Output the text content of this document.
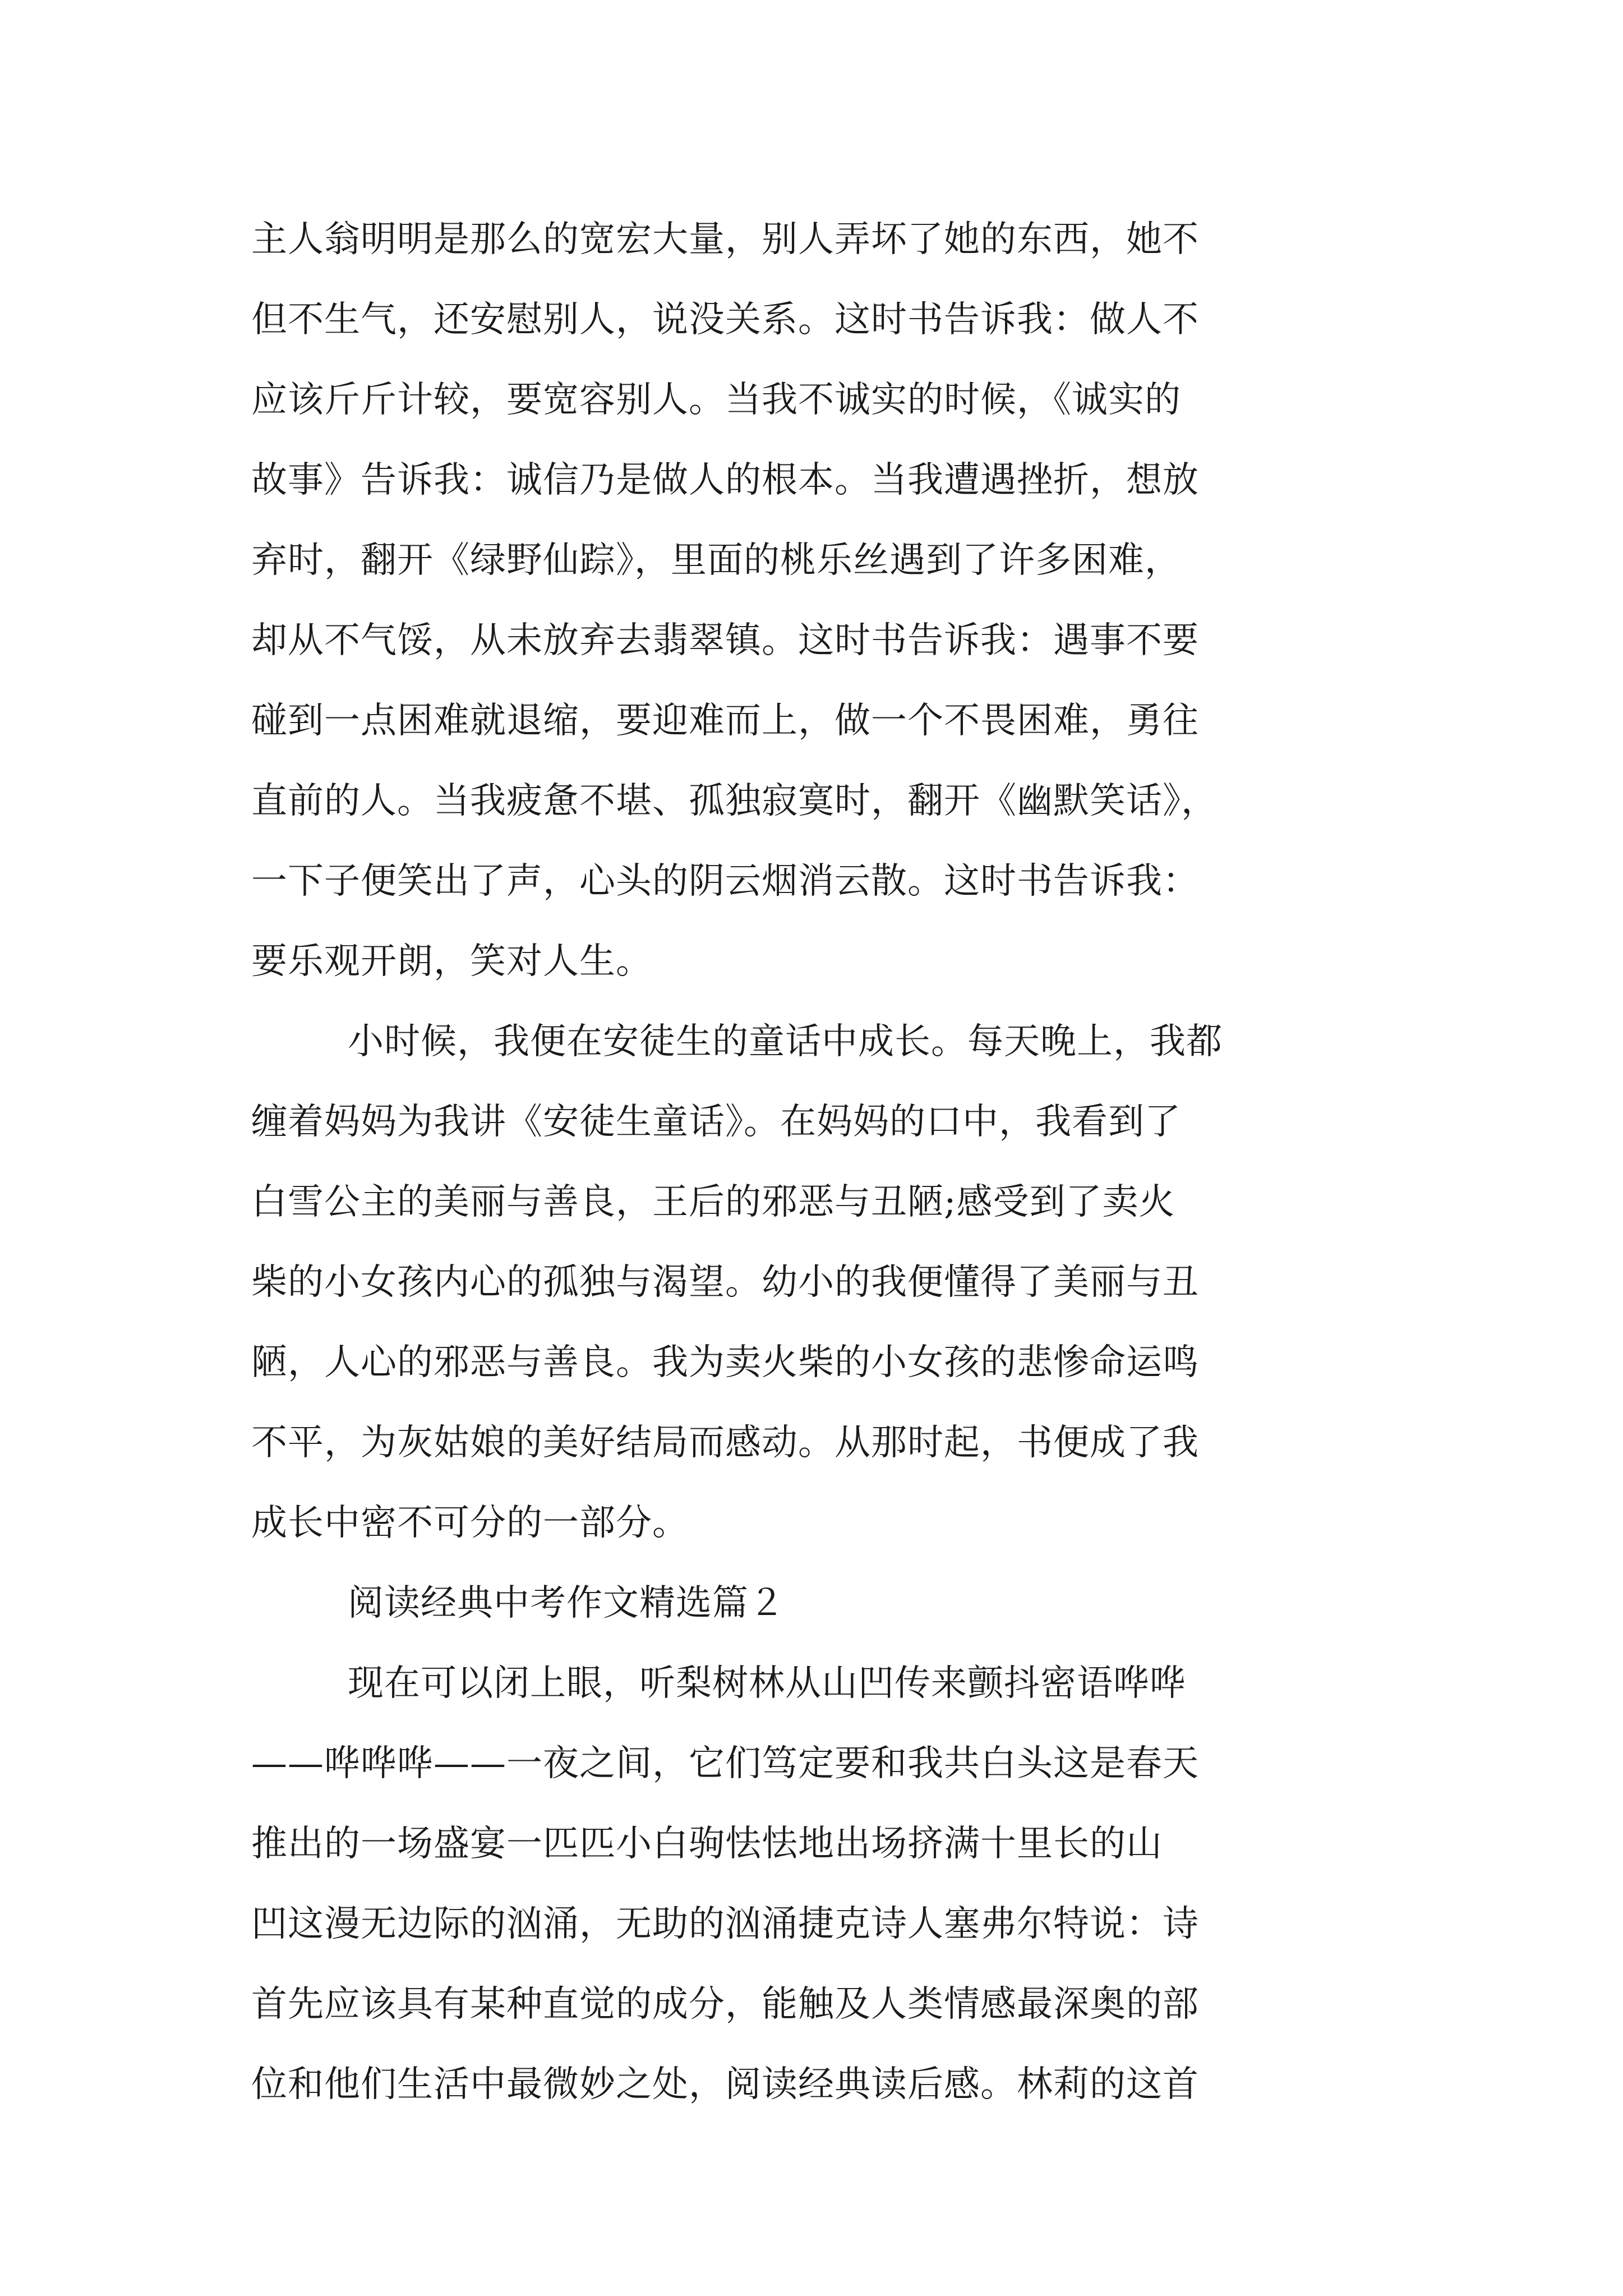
主人翁明明是那么的宽宏大量，别人弄坏了她的东西，她不
但不生气，还安慰别人，说没关系。这时书告诉我：做人不
应该斤斤计较，要宽容别人。当我不诚实的时候，《诚实的
故事》告诉我：诚信乃是做人的根本。当我遭遇挫折，想放
弃时，翻开《绿野仙踪》，里面的桃乐丝遇到了许多困难，
却从不气馁，从未放弃去翡翠镇。这时书告诉我：遇事不要
碰到一点困难就退缩，要迎难而上，做一个不畏困难，勇往
直前的人。当我疲惫不堪、孤独寂寞时，翻开《幽默笑话》，
一下子便笑出了声，心头的阴云烟消云散。这时书告诉我：
要乐观开朗，笑对人生。
小时候，我便在安徒生的童话中成长。每天晚上，我都
缠着妈妈为我讲《安徒生童话》。在妈妈的口中，我看到了
白雪公主的美丽与善良，王后的邪恶与丑陋;感受到了卖火
柴的小女孩内心的孤独与渴望。幼小的我便懂得了美丽与丑
陋，人心的邪恶与善良。我为卖火柴的小女孩的悲惨命运鸣
不平，为灰姑娘的美好结局而感动。从那时起，书便成了我
成长中密不可分的一部分。
阅读经典中考作文精选篇２
现在可以闭上眼，听梨树林从山凹传来颤抖密语哗哗
——哗哗哗——一夜之间，它们笃定要和我共白头这是春天
推出的一场盛宴一匹匹小白驹怯怯地出场挤满十里长的山
凹这漫无边际的汹涌，无助的汹涌捷克诗人塞弗尔特说：诗
首先应该具有某种直觉的成分，能触及人类情感最深奥的部
位和他们生活中最微妙之处，阅读经典读后感。林莉的这首
